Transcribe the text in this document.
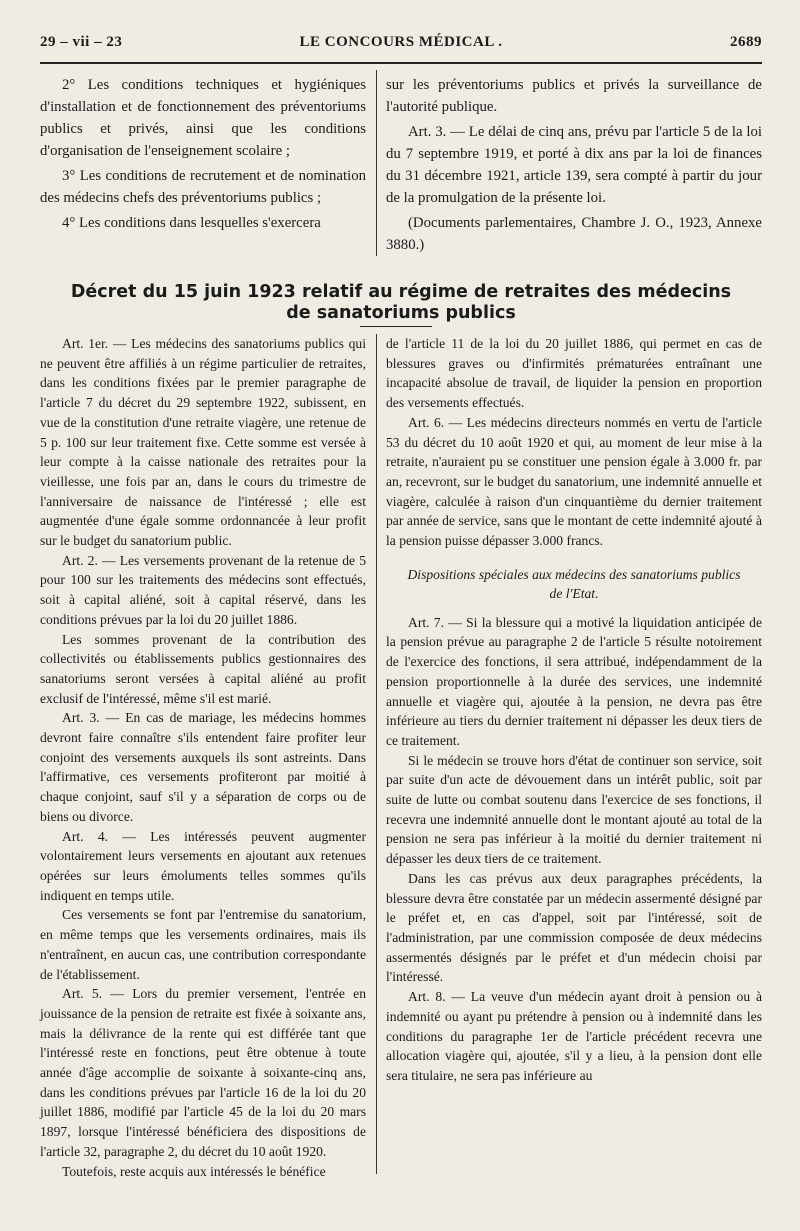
29 – vii – 23	LE CONCOURS MÉDICAL .	2689

2° Les conditions techniques et hygiéniques d'installation et de fonctionnement des préventoriums publics et privés, ainsi que les conditions d'organisation de l'enseignement scolaire ;

3° Les conditions de recrutement et de nomination des médecins chefs des préventoriums publics ;

4° Les conditions dans lesquelles s'exercera

sur les préventoriums publics et privés la surveillance de l'autorité publique.

Art. 3. — Le délai de cinq ans, prévu par l'article 5 de la loi du 7 septembre 1919, et porté à dix ans par la loi de finances du 31 décembre 1921, article 139, sera compté à partir du jour de la promulgation de la présente loi.

(Documents parlementaires, Chambre J. O., 1923, Annexe 3880.)

Décret du 15 juin 1923 relatif au régime de retraites des médecins
de sanatoriums publics

Art. 1er. — Les médecins des sanatoriums publics qui ne peuvent être affiliés à un régime particulier de retraites, dans les conditions fixées par le premier paragraphe de l'article 7 du décret du 29 septembre 1922, subissent, en vue de la constitution d'une retraite viagère, une retenue de 5 p. 100 sur leur traitement fixe. Cette somme est versée à leur compte à la caisse nationale des retraites pour la vieillesse, une fois par an, dans le cours du trimestre de l'anniversaire de naissance de l'intéressé ; elle est augmentée d'une égale somme ordonnancée à leur profit sur le budget du sanatorium public.

Art. 2. — Les versements provenant de la retenue de 5 pour 100 sur les traitements des médecins sont effectués, soit à capital aliéné, soit à capital réservé, dans les conditions prévues par la loi du 20 juillet 1886.

Les sommes provenant de la contribution des collectivités ou établissements publics gestionnaires des sanatoriums seront versées à capital aliéné au profit exclusif de l'intéressé, même s'il est marié.

Art. 3. — En cas de mariage, les médecins hommes devront faire connaître s'ils entendent faire profiter leur conjoint des versements auxquels ils sont astreints. Dans l'affirmative, ces versements profiteront par moitié à chaque conjoint, sauf s'il y a séparation de corps ou de biens ou divorce.

Art. 4. — Les intéressés peuvent augmenter volontairement leurs versements en ajoutant aux retenues opérées sur leurs émoluments telles sommes qu'ils indiquent en temps utile.

Ces versements se font par l'entremise du sanatorium, en même temps que les versements ordinaires, mais ils n'entraînent, en aucun cas, une contribution correspondante de l'établissement.

Art. 5. — Lors du premier versement, l'entrée en jouissance de la pension de retraite est fixée à soixante ans, mais la délivrance de la rente qui est différée tant que l'intéressé reste en fonctions, peut être obtenue à toute année d'âge accomplie de soixante à soixante-cinq ans, dans les conditions prévues par l'article 16 de la loi du 20 juillet 1886, modifié par l'article 45 de la loi du 20 mars 1897, lorsque l'intéressé bénéficiera des dispositions de l'article 32, paragraphe 2, du décret du 10 août 1920.

Toutefois, reste acquis aux intéressés le bénéfice

de l'article 11 de la loi du 20 juillet 1886, qui permet en cas de blessures graves ou d'infirmités prématurées entraînant une incapacité absolue de travail, de liquider la pension en proportion des versements effectués.

Art. 6. — Les médecins directeurs nommés en vertu de l'article 53 du décret du 10 août 1920 et qui, au moment de leur mise à la retraite, n'auraient pu se constituer une pension égale à 3.000 fr. par an, recevront, sur le budget du sanatorium, une indemnité annuelle et viagère, calculée à raison d'un cinquantième du dernier traitement par année de service, sans que le montant de cette indemnité ajouté à la pension puisse dépasser 3.000 francs.

Dispositions spéciales aux médecins des sanatoriums publics de l'Etat.

Art. 7. — Si la blessure qui a motivé la liquidation anticipée de la pension prévue au paragraphe 2 de l'article 5 résulte notoirement de l'exercice des fonctions, il sera attribué, indépendamment de la pension proportionnelle à la durée des services, une indemnité annuelle et viagère qui, ajoutée à la pension, ne devra pas être inférieure au tiers du dernier traitement ni dépasser les deux tiers de ce traitement.

Si le médecin se trouve hors d'état de continuer son service, soit par suite d'un acte de dévouement dans un intérêt public, soit par suite de lutte ou combat soutenu dans l'exercice de ses fonctions, il recevra une indemnité annuelle dont le montant ajouté au total de la pension ne sera pas inférieur à la moitié du dernier traitement ni dépasser les deux tiers de ce traitement.

Dans les cas prévus aux deux paragraphes précédents, la blessure devra être constatée par un médecin assermenté désigné par le préfet et, en cas d'appel, soit par l'intéressé, soit de l'administration, par une commission composée de deux médecins assermentés désignés par le préfet et d'un médecin choisi par l'intéressé.

Art. 8. — La veuve d'un médecin ayant droit à pension ou à indemnité ou ayant pu prétendre à pension ou à indemnité dans les conditions du paragraphe 1er de l'article précédent recevra une allocation viagère qui, ajoutée, s'il y a lieu, à la pension dont elle sera titulaire, ne sera pas inférieure au
